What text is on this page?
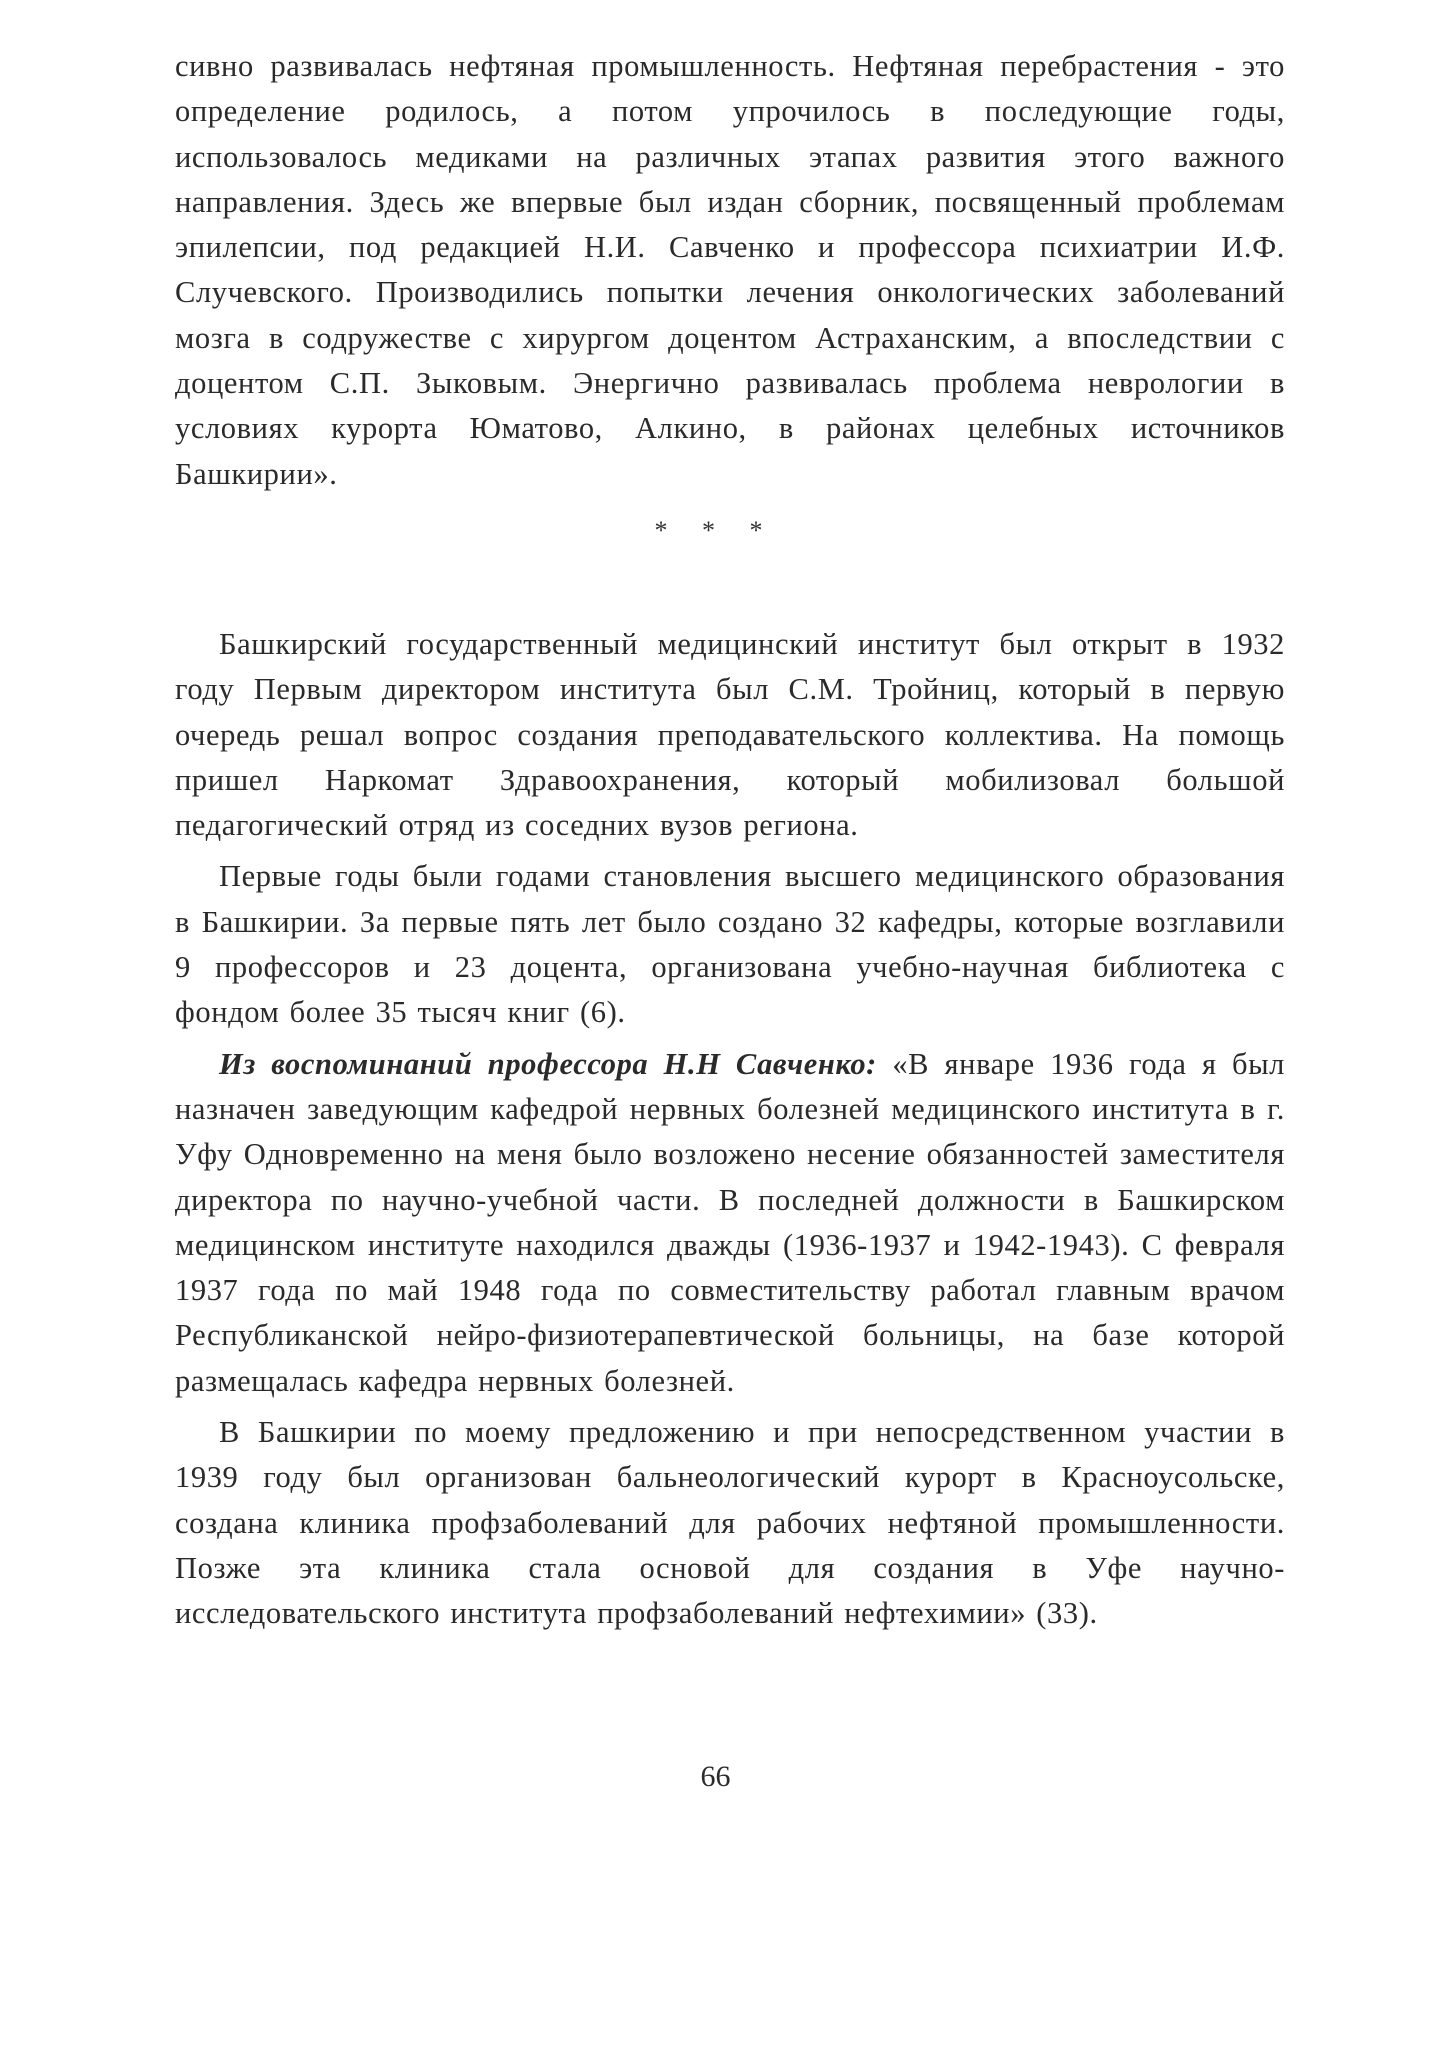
сивно развивалась нефтяная промышленность. Нефтяная перебрастения - это определение родилось, а потом упрочилось в последующие годы, использовалось медиками на различных этапах развития этого важного направления. Здесь же впервые был издан сборник, посвященный проблемам эпилепсии, под редакцией Н.И. Савченко и профессора психиатрии И.Ф. Случевского. Производились попытки лечения онкологических заболеваний мозга в содружестве с хирургом доцентом Астраханским, а впоследствии с доцентом С.П. Зыковым. Энергично развивалась проблема неврологии в условиях курорта Юматово, Алкино, в районах целебных источников Башкирии».

* * *

Башкирский государственный медицинский институт был открыт в 1932 году Первым директором института был С.М. Тройниц, который в первую очередь решал вопрос создания преподавательского коллектива. На помощь пришел Наркомат Здравоохранения, который мобилизовал большой педагогический отряд из соседних вузов региона.

Первые годы были годами становления высшего медицинского образования в Башкирии. За первые пять лет было создано 32 кафедры, которые возглавили 9 профессоров и 23 доцента, организована учебно-научная библиотека с фондом более 35 тысяч книг (6).

Из воспоминаний профессора Н.Н Савченко: «В январе 1936 года я был назначен заведующим кафедрой нервных болезней медицинского института в г. Уфу Одновременно на меня было возложено несение обязанностей заместителя директора по научно-учебной части. В последней должности в Башкирском медицинском институте находился дважды (1936-1937 и 1942-1943). С февраля 1937 года по май 1948 года по совместительству работал главным врачом Республиканской нейро-физиотерапевтической больницы, на базе которой размещалась кафедра нервных болезней.

В Башкирии по моему предложению и при непосредственном участии в 1939 году был организован бальнеологический курорт в Красноусольске, создана клиника профзаболеваний для рабочих нефтяной промышленности. Позже эта клиника стала основой для создания в Уфе научно-исследовательского института профзаболеваний нефтехимии» (33).

66
